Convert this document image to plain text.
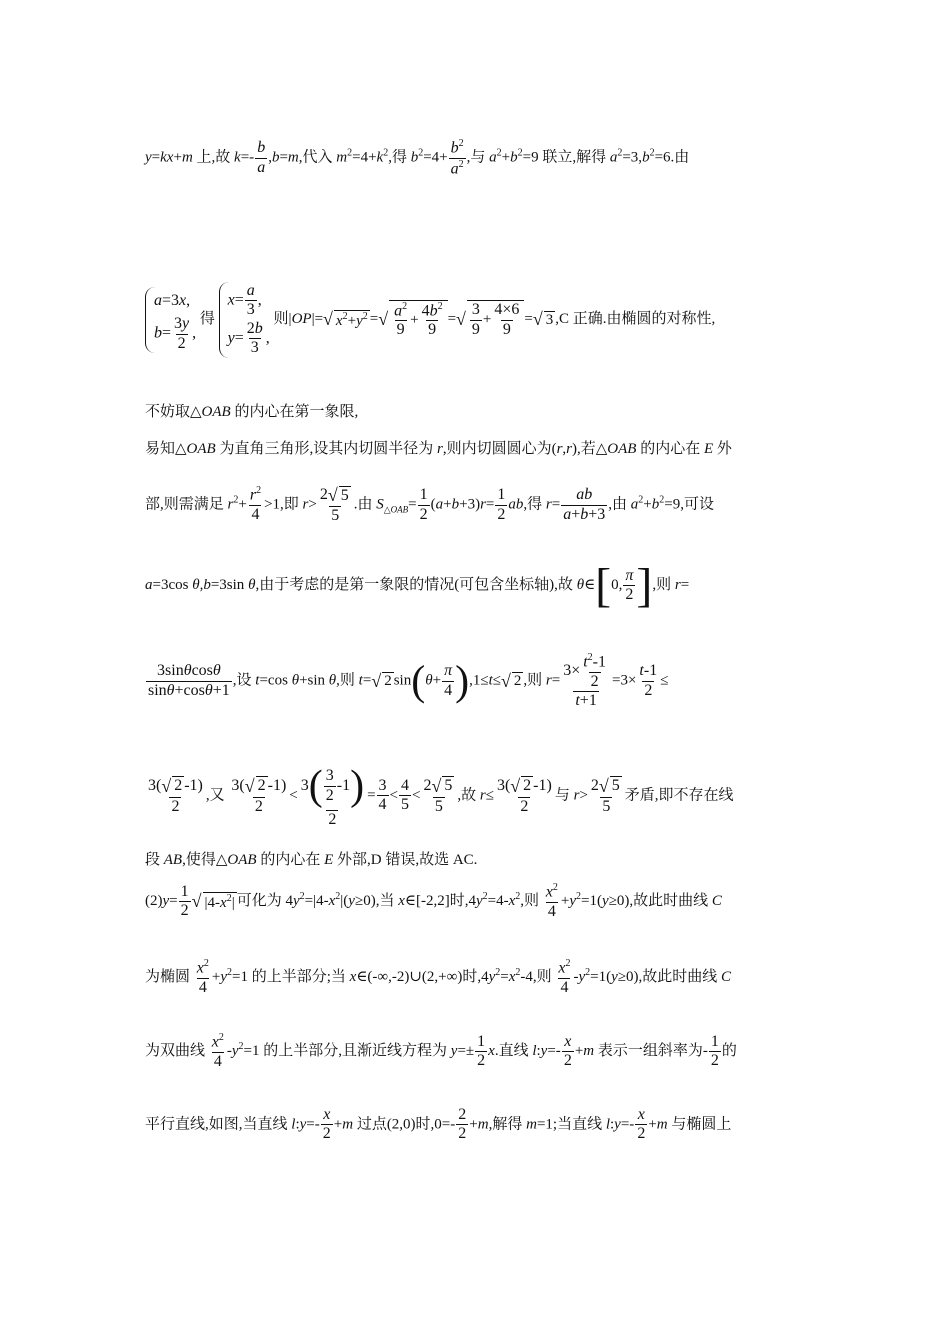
y=kx+m 上,故 $k=- \frac{b}{a} ,b=m$,代入 $m^2=4+k^2$,得 $b^2=4+ \frac{b^2}{a^2}$ ,与 $a^2+b^2=9$ 联立,解得 $a^2=3,b^2=6$.由
a=3x,
$b= \frac{3y}{2}$ ,
得
$x= \frac{a}{3}$ ,
$y= \frac{2b}{3}$ ,
则|OP|= √ $x^2+y^2$ = √ $\frac{a^2}{9} + \frac{4b^2}{9}$ = √ $\frac{3}{9} + \frac{4\times 6}{9}$ = √ 3 ,C 正确.由椭圆的对称性,
不妨取△OAB 的内心在第一象限,
易知△OAB 为直角三角形,设其内切圆半径为 r,则内切圆圆心为(r,r),若△OAB 的内心在 E 外
部,则需满足 $r^2+ \frac{r^2}{4} >1$,即 $r> \frac{2 √ 5}{5}$ .由 $S_{\triangle OAB}= \frac{1}{2} (a+b+3)r= \frac{1}{2}$ ab,得 $r= \frac{ab}{a+b+3}$ ,由 $a^2+b^2=9$,可设
a=3cos θ,b=3sin θ,由于考虑的是第一象限的情况(可包含坐标轴),故 θ∈[0, $\frac{\pi}{2}$ ],则 r=
$\frac{3\sin\theta\cos\theta}{\sin\theta+\cos\theta+1}$ ,设 t=cos θ+sin θ,则 t= √ 2 $\sin(\theta+ \frac{\pi}{4} ),1\le t\le$ √ 2 ,则 $r= \frac{3\times \frac{t^2-1}{2}}{t+1} =3\times \frac{t-1}{2}$ ≤
$\frac{3( √ 2 -1)}{2}$ ,又 $\frac{3( √ 2 -1)}{2} < \frac{3( \frac{3}{2} -1)}{2} = \frac{3}{4} < \frac{4}{5} < \frac{2 √ 5}{5}$ ,故 $r\le \frac{3( √ 2 -1)}{2}$ 与 $r> \frac{2 √ 5}{5}$ 矛盾,即不存在线
段 AB,使得△OAB 的内心在 E 外部,D 错误,故选 AC.
$(2)y= \frac{1}{2}$ √ $|4-x^2|$ 可化为 $4y^2=|4-x^2|(y\ge 0)$,当 x∈[-2,2]时$,4y^2=4-x^2$,则 $\frac{x^2}{4} +y^2=1(y\ge 0)$,故此时曲线 C
为椭圆 $\frac{x^2}{4} +y^2=1$ 的上半部分;当 x∈(-∞,-2)∪(2,+∞)时$,4y^2=x^2-4$,则 $\frac{x^2}{4} -y^2=1(y\ge 0)$,故此时曲线 C
为双曲线 $\frac{x^2}{4} -y^2=1$ 的上半部分,且渐近线方程为 $y=\pm \frac{1}{2} x$.直线 l:y=- $\frac{x}{2} +m$ 表示一组斜率为- $\frac{1}{2}$ 的
平行直线,如图,当直线 l:y=- $\frac{x}{2} +m$ 过点(2,0)时$,0=- \frac{2}{2} +m$,解得 m=1;当直线 l:y=- $\frac{x}{2} +m$ 与椭圆上
